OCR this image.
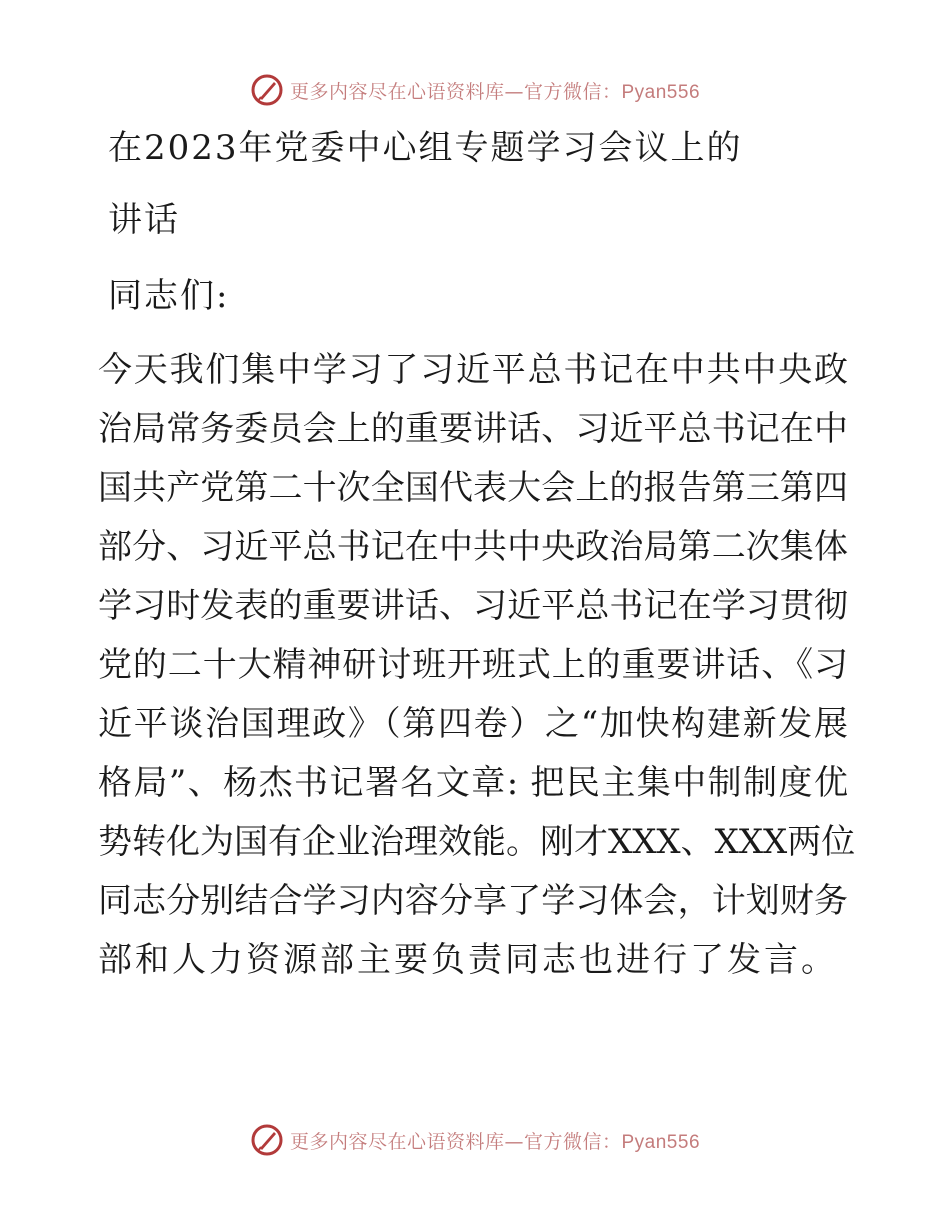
更多内容尽在心语资料库—官方微信：Pyan556
在2023年党委中心组专题学习会议上的
讲话
同志们:
今天我们集中学习了习近平总书记在中共中央政
治局常务委员会上的重要讲话、习近平总书记在中
国共产党第二十次全国代表大会上的报告第三第四
部分、习近平总书记在中共中央政治局第二次集体
学习时发表的重要讲话、习近平总书记在学习贯彻
党的二十大精神研讨班开班式上的重要讲话、《习
近平谈治国理政》（第四卷）之“加快构建新发展
格局”、杨杰书记署名文章: 把民主集中制制度优
势转化为国有企业治理效能。刚才XXX、XXX两位
同志分别结合学习内容分享了学习体会，计划财务
部和人力资源部主要负责同志也进行了发言。
更多内容尽在心语资料库—官方微信：Pyan556
